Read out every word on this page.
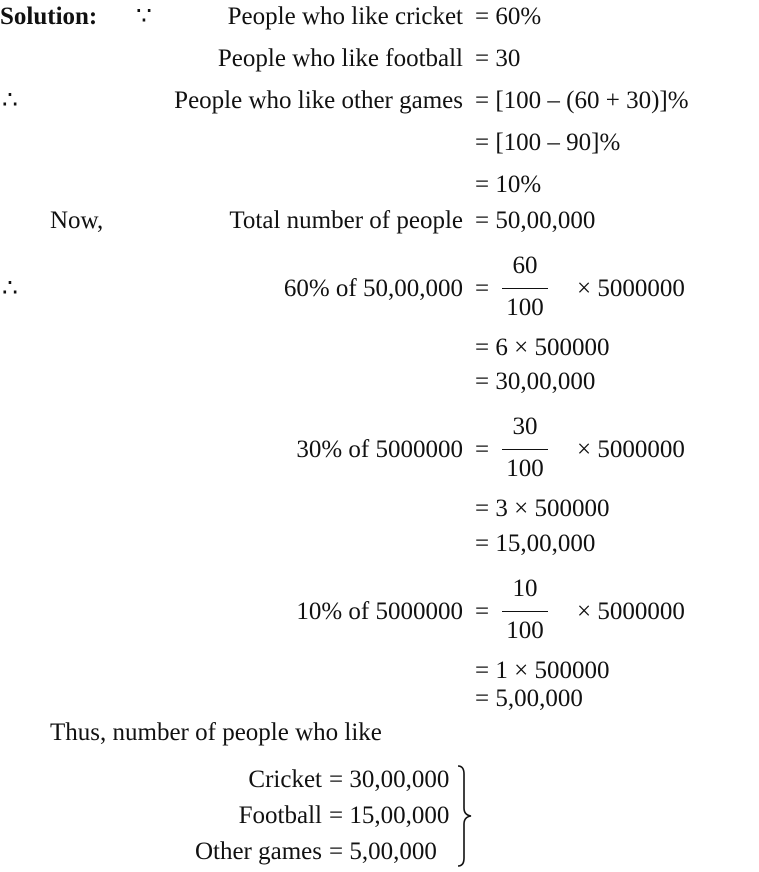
Solution: ∵	People who like cricket = 60%
People who like football = 30
∴	People who like other games = [100 – (60 + 30)]%
= [100 – 90]%
= 10%
Now,	Total number of people = 50,00,000
∴	60% of 50,00,000 =
60
100
× 5000000
= 6 × 500000
= 30,00,000
30% of 5000000 =
30
100
× 5000000
= 3 × 500000
= 15,00,000
10% of 5000000 =
10
100
× 5000000
= 1 × 500000
= 5,00,000
Thus, number of people who like
Cricket = 30,00,000
Football = 15,00,000
Other games = 5,00,000
